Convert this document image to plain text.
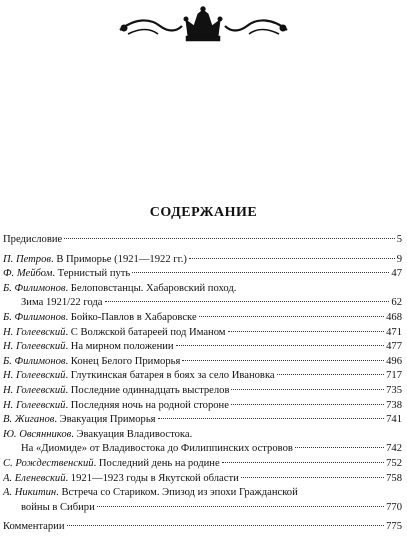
СОДЕРЖАНИЕ
Предисловие	5
П. Петров. В Приморье (1921—1922 гг.)	9
Ф. Мейбом. Тернистый путь	47
Б. Филимонов. Белоповстанцы. Хабаровский поход.
Зима 1921/22 года	62
Б. Филимонов. Бойко-Павлов в Хабаровске	468
Н. Голеевский. С Волжской батареей под Иманом	471
Н. Голеевский. На мирном положении	477
Б. Филимонов. Конец Белого Приморья	496
Н. Голеевский. Глуткинская батарея в боях за село Ивановка	717
Н. Голеевский. Последние одиннадцать выстрелов	735
Н. Голеевский. Последняя ночь на родной стороне	738
В. Жиганов. Эвакуация Приморья	741
Ю. Овсянников. Эвакуация Владивостока.
На «Диомиде» от Владивостока до Филиппинских островов	742
С. Рождественский. Последний день на родине	752
А. Еленевский. 1921—1923 годы в Якутской области	758
А. Никитин. Встреча со Стариком. Эпизод из эпохи Гражданской
войны в Сибири	770
Комментарии	775
